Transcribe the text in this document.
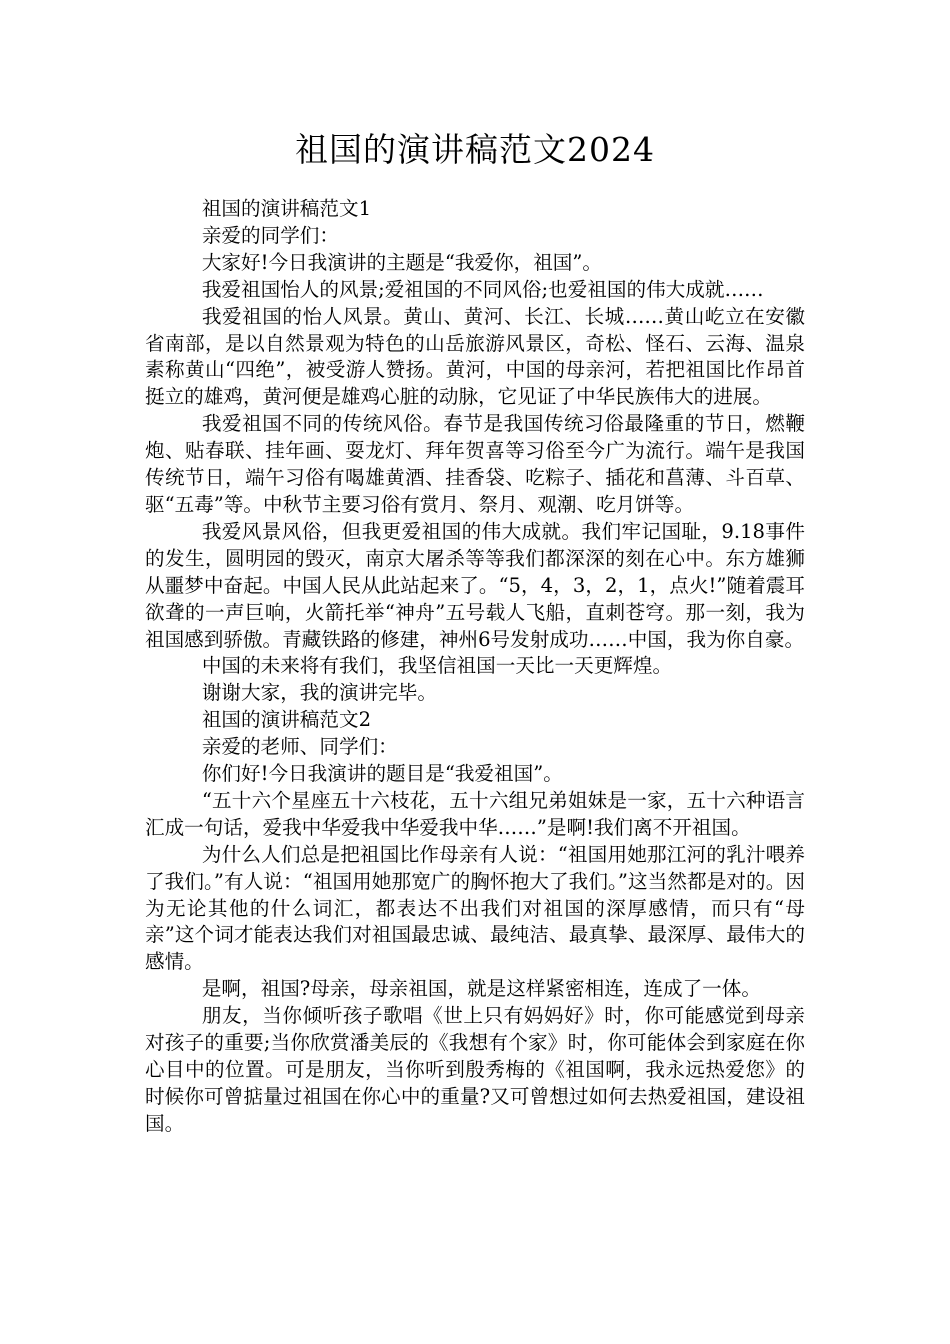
祖国的演讲稿范文2024

祖国的演讲稿范文1

亲爱的同学们：

大家好!今日我演讲的主题是“我爱你，祖国”。

我爱祖国怡人的风景;爱祖国的不同风俗;也爱祖国的伟大成就……

我爱祖国的怡人风景。黄山、黄河、长江、长城……黄山屹立在安徽省南部，是以自然景观为特色的山岳旅游风景区，奇松、怪石、云海、温泉素称黄山“四绝”，被受游人赞扬。黄河，中国的母亲河，若把祖国比作昂首挺立的雄鸡，黄河便是雄鸡心脏的动脉，它见证了中华民族伟大的进展。

我爱祖国不同的传统风俗。春节是我国传统习俗最隆重的节日，燃鞭炮、贴春联、挂年画、耍龙灯、拜年贺喜等习俗至今广为流行。端午是我国传统节日，端午习俗有喝雄黄酒、挂香袋、吃粽子、插花和菖薄、斗百草、驱“五毒”等。中秋节主要习俗有赏月、祭月、观潮、吃月饼等。

我爱风景风俗，但我更爱祖国的伟大成就。我们牢记国耻，9.18事件的发生，圆明园的毁灭，南京大屠杀等等我们都深深的刻在心中。东方雄狮从噩梦中奋起。中国人民从此站起来了。“5，4，3，2，1，点火!”随着震耳欲聋的一声巨响，火箭托举“神舟”五号载人飞船，直刺苍穹。那一刻，我为祖国感到骄傲。青藏铁路的修建，神州6号发射成功……中国，我为你自豪。

中国的未来将有我们，我坚信祖国一天比一天更辉煌。

谢谢大家，我的演讲完毕。

祖国的演讲稿范文2

亲爱的老师、同学们：

你们好!今日我演讲的题目是“我爱祖国”。

“五十六个星座五十六枝花，五十六组兄弟姐妹是一家，五十六种语言汇成一句话，爱我中华爱我中华爱我中华……”是啊!我们离不开祖国。

为什么人们总是把祖国比作母亲有人说：“祖国用她那江河的乳汁喂养了我们。”有人说：“祖国用她那宽广的胸怀抱大了我们。”这当然都是对的。因为无论其他的什么词汇，都表达不出我们对祖国的深厚感情，而只有“母亲”这个词才能表达我们对祖国最忠诚、最纯洁、最真挚、最深厚、最伟大的感情。

是啊，祖国?母亲，母亲祖国，就是这样紧密相连，连成了一体。

朋友，当你倾听孩子歌唱《世上只有妈妈好》时，你可能感觉到母亲对孩子的重要;当你欣赏潘美辰的《我想有个家》时，你可能体会到家庭在你心目中的位置。可是朋友，当你听到殷秀梅的《祖国啊，我永远热爱您》的时候你可曾掂量过祖国在你心中的重量?又可曾想过如何去热爱祖国，建设祖国。
